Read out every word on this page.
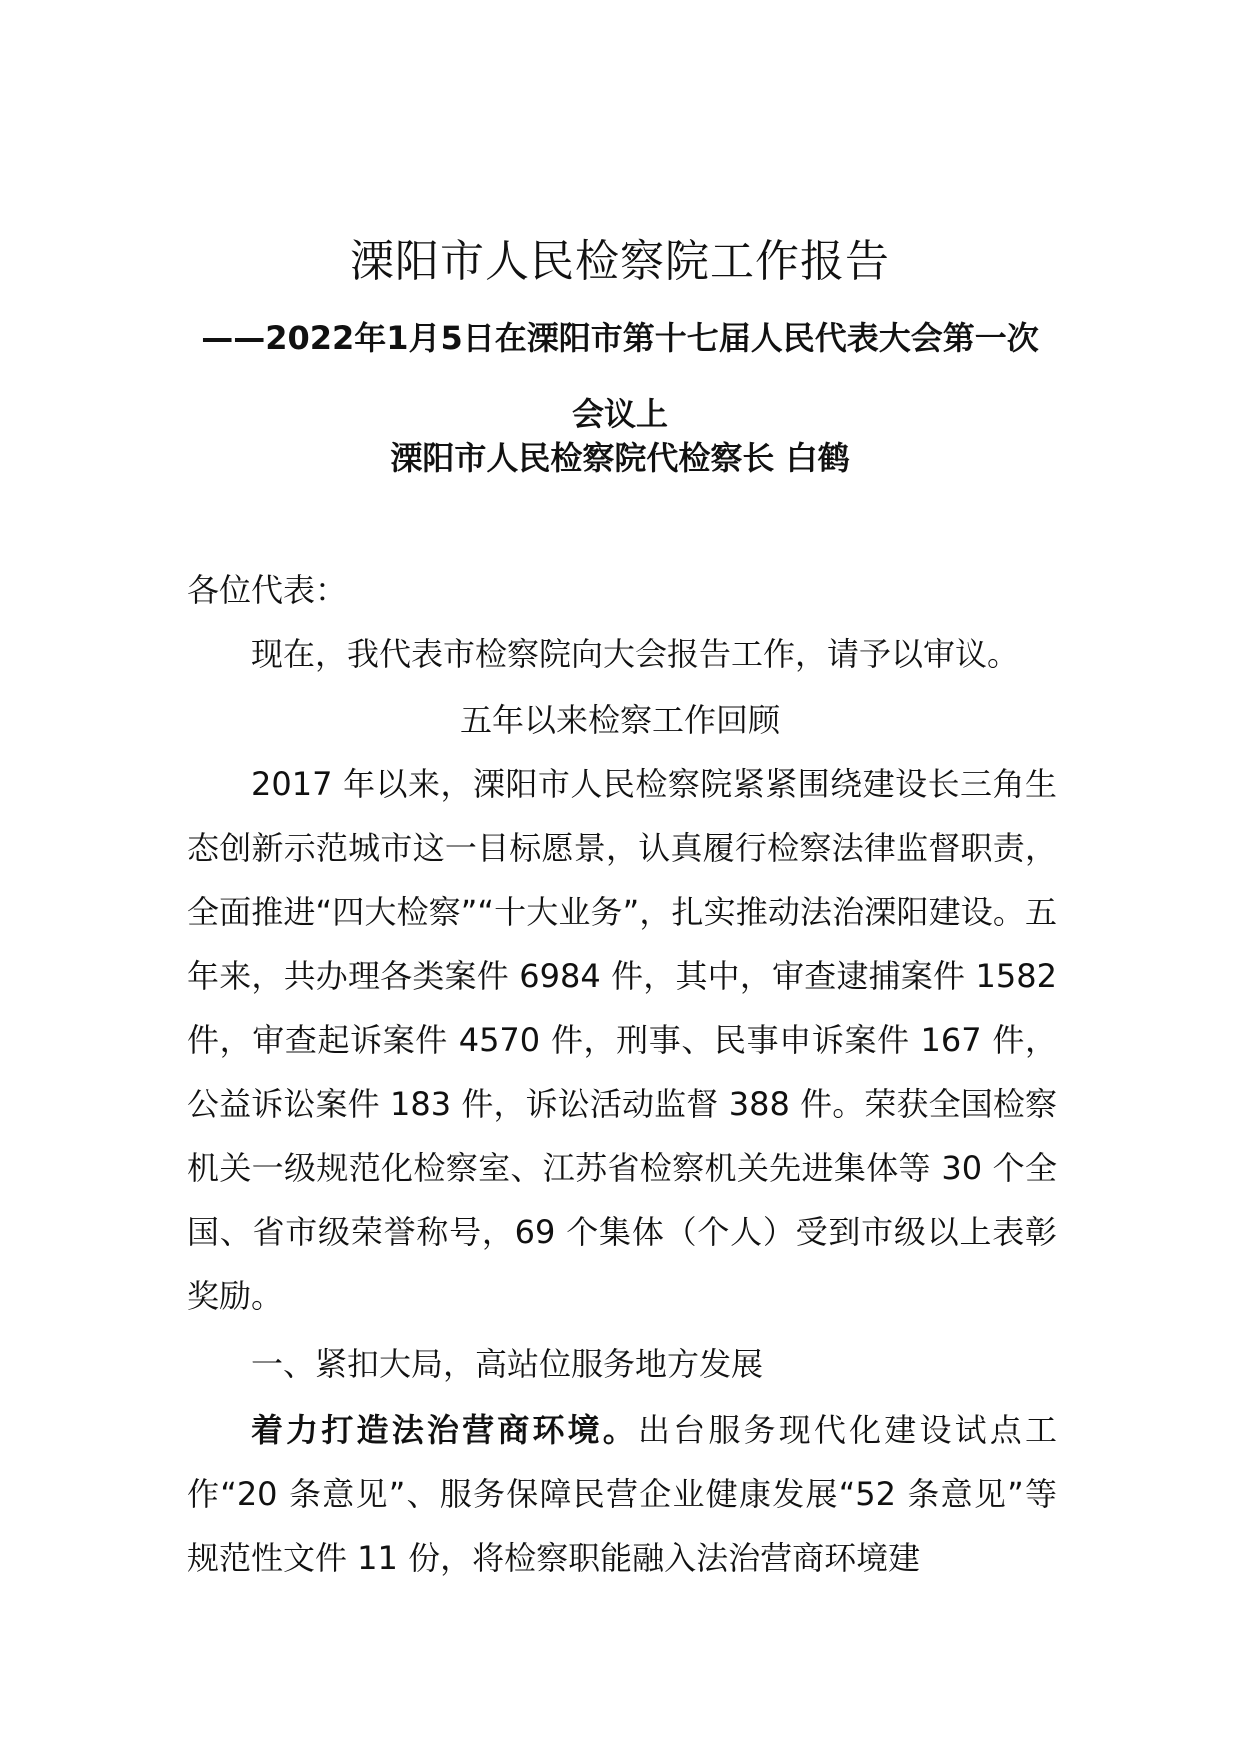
溧阳市人民检察院工作报告
——2022年1月5日在溧阳市第十七届人民代表大会第一次会议上
溧阳市人民检察院代检察长 白鹤
各位代表：
现在，我代表市检察院向大会报告工作，请予以审议。
五年以来检察工作回顾
2017 年以来，溧阳市人民检察院紧紧围绕建设长三角生态创新示范城市这一目标愿景，认真履行检察法律监督职责，全面推进“四大检察”“十大业务”，扎实推动法治溧阳建设。五年来，共办理各类案件 6984 件，其中，审查逮捕案件 1582 件，审查起诉案件 4570 件，刑事、民事申诉案件 167 件，公益诉讼案件 183 件，诉讼活动监督 388 件。荣获全国检察机关一级规范化检察室、江苏省检察机关先进集体等 30 个全国、省市级荣誉称号，69 个集体（个人）受到市级以上表彰奖励。
一、紧扣大局，高站位服务地方发展
着力打造法治营商环境。出台服务现代化建设试点工作“20 条意见”、服务保障民营企业健康发展“52 条意见”等规范性文件 11 份，将检察职能融入法治营商环境建
